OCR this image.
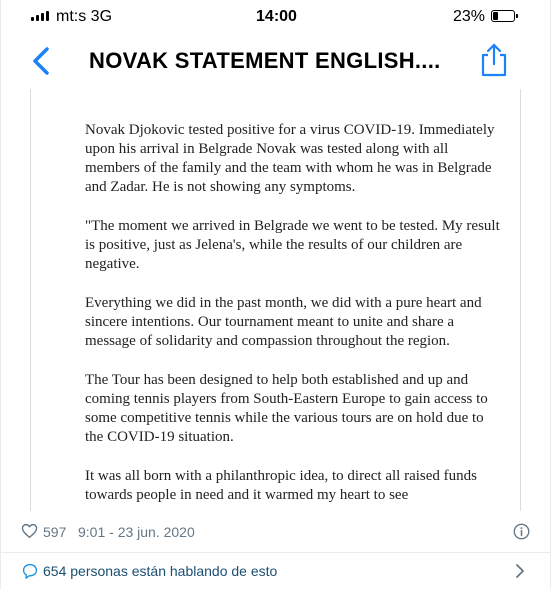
mt:s 3G	14:00	23%
NOVAK STATEMENT ENGLISH....

Novak Djokovic tested positive for a virus COVID-19. Immediately upon his arrival in Belgrade Novak was tested along with all members of the family and the team with whom he was in Belgrade and Zadar. He is not showing any symptoms.

"The moment we arrived in Belgrade we went to be tested. My result is positive, just as Jelena's, while the results of our children are negative.

Everything we did in the past month, we did with a pure heart and sincere intentions. Our tournament meant to unite and share a message of solidarity and compassion throughout the region.

The Tour has been designed to help both established and up and coming tennis players from South-Eastern Europe to gain access to some competitive tennis while the various tours are on hold due to the COVID-19 situation.

It was all born with a philanthropic idea, to direct all raised funds towards people in need and it warmed my heart to see

597 9:01 - 23 jun. 2020
654 personas están hablando de esto
